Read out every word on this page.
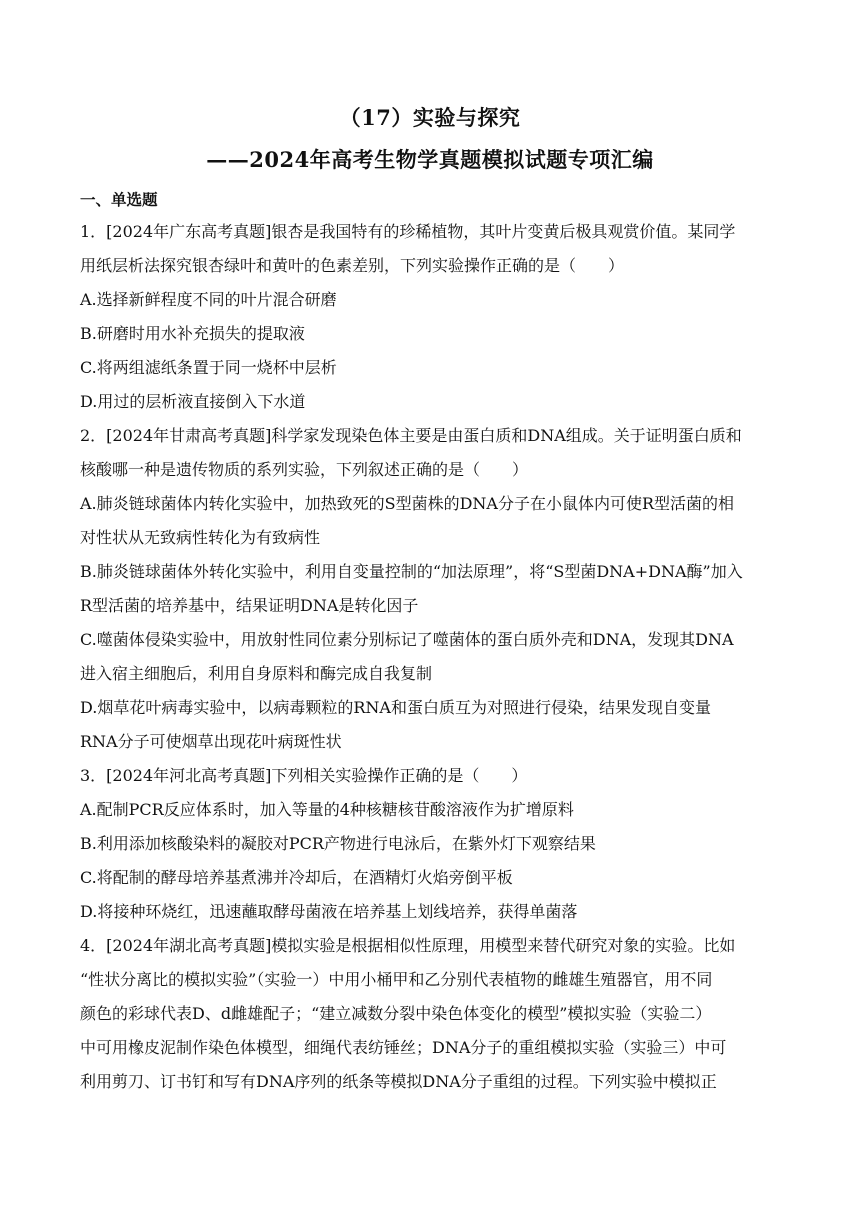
（17）实验与探究
——2024年高考生物学真题模拟试题专项汇编
一、单选题
1．[2024年广东高考真题]银杏是我国特有的珍稀植物，其叶片变黄后极具观赏价值。某同学
用纸层析法探究银杏绿叶和黄叶的色素差别，下列实验操作正确的是（　　）
A.选择新鲜程度不同的叶片混合研磨
B.研磨时用水补充损失的提取液
C.将两组滤纸条置于同一烧杯中层析
D.用过的层析液直接倒入下水道
2．[2024年甘肃高考真题]科学家发现染色体主要是由蛋白质和DNA组成。关于证明蛋白质和
核酸哪一种是遗传物质的系列实验，下列叙述正确的是（　　）
A.肺炎链球菌体内转化实验中，加热致死的S型菌株的DNA分子在小鼠体内可使R型活菌的相
对性状从无致病性转化为有致病性
B.肺炎链球菌体外转化实验中，利用自变量控制的“加法原理”，将“S型菌DNA+DNA酶”加入
R型活菌的培养基中，结果证明DNA是转化因子
C.噬菌体侵染实验中，用放射性同位素分别标记了噬菌体的蛋白质外壳和DNA，发现其DNA
进入宿主细胞后，利用自身原料和酶完成自我复制
D.烟草花叶病毒实验中，以病毒颗粒的RNA和蛋白质互为对照进行侵染，结果发现自变量
RNA分子可使烟草出现花叶病斑性状
3．[2024年河北高考真题]下列相关实验操作正确的是（　　）
A.配制PCR反应体系时，加入等量的4种核糖核苷酸溶液作为扩增原料
B.利用添加核酸染料的凝胶对PCR产物进行电泳后，在紫外灯下观察结果
C.将配制的酵母培养基煮沸并冷却后，在酒精灯火焰旁倒平板
D.将接种环烧红，迅速蘸取酵母菌液在培养基上划线培养，获得单菌落
4．[2024年湖北高考真题]模拟实验是根据相似性原理，用模型来替代研究对象的实验。比如
“性状分离比的模拟实验”（实验一）中用小桶甲和乙分别代表植物的雌雄生殖器官，用不同
颜色的彩球代表D、d雌雄配子；“建立减数分裂中染色体变化的模型”模拟实验（实验二）
中可用橡皮泥制作染色体模型，细绳代表纺锤丝；DNA分子的重组模拟实验（实验三）中可
利用剪刀、订书钉和写有DNA序列的纸条等模拟DNA分子重组的过程。下列实验中模拟正
